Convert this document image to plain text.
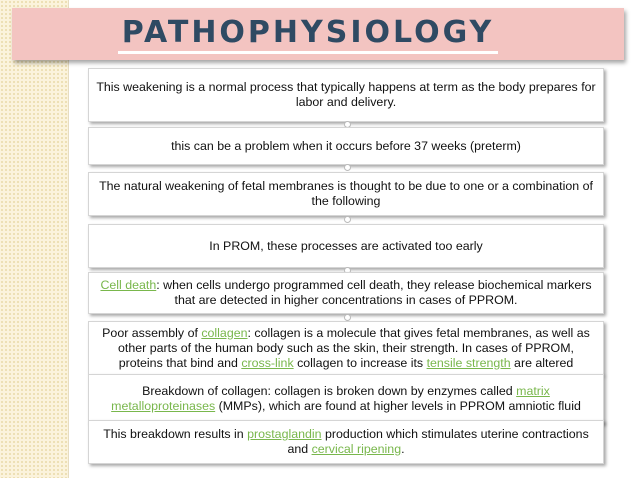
PATHOPHYSIOLOGY
This weakening is a normal process that typically happens at term as the body prepares for labor and delivery.
this can be a problem when it occurs before 37 weeks (preterm)
The natural weakening of fetal membranes is thought to be due to one or a combination of the following
In PROM, these processes are activated too early
Cell death: when cells undergo programmed cell death, they release biochemical markers that are detected in higher concentrations in cases of PPROM.
Poor assembly of collagen: collagen is a molecule that gives fetal membranes, as well as other parts of the human body such as the skin, their strength. In cases of PPROM, proteins that bind and cross-link collagen to increase its tensile strength are altered
Breakdown of collagen: collagen is broken down by enzymes called matrix metalloproteinases (MMPs), which are found at higher levels in PPROM amniotic fluid
This breakdown results in prostaglandin production which stimulates uterine contractions and cervical ripening.
